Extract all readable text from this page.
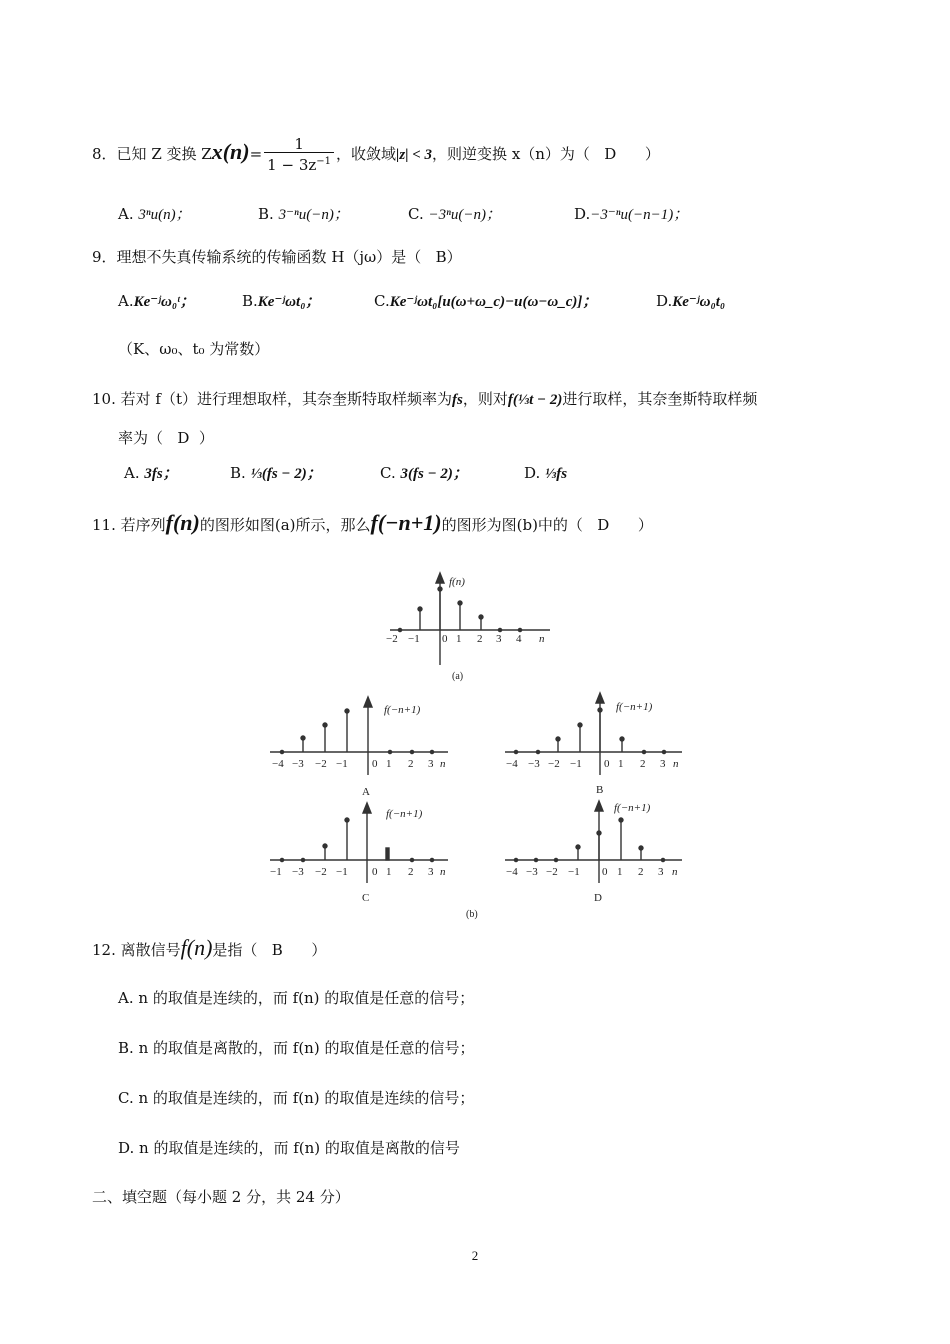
8．已知 Z 变换 $Zx(n)= \frac{1}{1 - 3z^{-1}}$ ，收敛域|z| < 3，则逆变换 x（n）为（ D ）
A. 3ⁿu(n)；	B. 3⁻ⁿu(−n)；	C. −3ⁿu(−n)；	D.−3⁻ⁿu(−n−1)；
9．理想不失真传输系统的传输函数 H（jω）是（ B）
A.Ke⁻ʲω₀ᵗ；	B.Ke⁻ʲωt₀；	C.Ke⁻ʲωt₀[u(ω+ω_c)−u(ω−ω_c)]；	D.Ke⁻ʲω₀t₀
（K、ω₀、t₀ 为常数）
10. 若对 f（t）进行理想取样，其奈奎斯特取样频率为fs，则对f(⅓t − 2)进行取样，其奈奎斯特取样频
率为（ D ）
A. 3fs；	B. ⅓(fs − 2)；	C. 3(fs − 2)；	D. ⅓fs
11. 若序列f(n)的图形如图(a)所示，那么f(−n+1)的图形为图(b)中的（ D ）
f(n)
−2 −1 0 1 2 3 4 n
(a)
f(−n+1)
−4 −3 −2 −1 0 1 2 3 n
A
f(−n+1)
−4 −3 −2 −1 0 1 2 3 n
B
f(−n+1)
−1 −3 −2 −1 0 1 2 3 n
C
f(−n+1)
−4 −3 −2 −1 0 1 2 3 n
D
(b)
12. 离散信号f(n)是指（ B ）
A. n 的取值是连续的，而 f(n) 的取值是任意的信号；
B. n 的取值是离散的，而 f(n) 的取值是任意的信号；
C. n 的取值是连续的，而 f(n) 的取值是连续的信号；
D. n 的取值是连续的，而 f(n) 的取值是离散的信号
二、填空题（每小题 2 分，共 24 分）
2
